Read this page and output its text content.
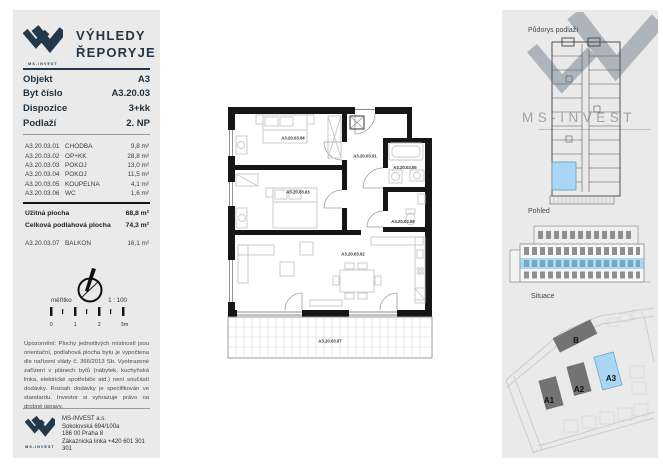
MS-INVEST
VÝHLEDY
ŘEPORYJE
Objekt	A3
Byt číslo	A3.20.03
Dispozice	3+kk
Podlaží	2. NP
A3.20.03.01 CHODBA	9,8 m²
A3.20.03.02 OP+KK	28,8 m²
A3.20.03.03 POKOJ	13,0 m²
A3.20.03.04 POKOJ	11,5 m²
A3.20.03.05 KOUPELNA	4,1 m²
A3.20.03.06 WC	1,6 m²
Užitná plocha	68,8 m²
Celková podlahová plocha 74,3 m²
A3.20.03.07 BALKON	16,1 m²
měřítko	1 : 100
0	1	2	3m
Upozornění: Plochy jednotlivých místností jsou orientační, podlahová plocha bytu je vypočtena dle nařízení vlády č. 366/2013 Sb. Vyobrazené zařízení v plánech bytů (nábytek, kuchyňská linka, elektrické spotřebiče atd.) není součástí dodávky. Rozsah dodávky je specifikován ve standardu. Investor si vyhrazuje právo na drobné úpravy.
MS-INVEST
MS-INVEST a.s.
Sokolovská 694/100a
186 00 Praha 8
Zákaznická linka +420 601 301 301
A3.20.03.04
A3.20.03.01
A3.20.03.05
A3.20.03.03
A3.20.03.06
A3.20.03.02
A3.20.03.07
MS-INVEST
Půdorys podlaží
Pohled
Situace
B
A1
A2
A3
